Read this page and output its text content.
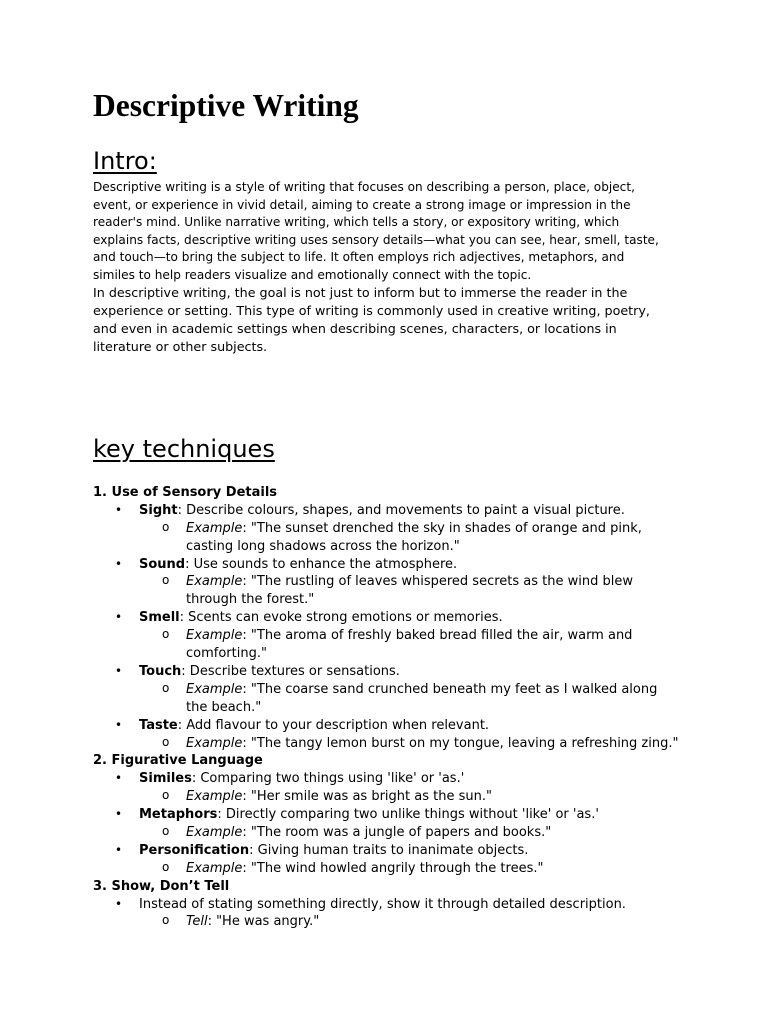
Descriptive Writing
Intro:

Descriptive writing is a style of writing that focuses on describing a person, place, object, event, or experience in vivid detail, aiming to create a strong image or impression in the reader's mind. Unlike narrative writing, which tells a story, or expository writing, which explains facts, descriptive writing uses sensory details—what you can see, hear, smell, taste, and touch—to bring the subject to life. It often employs rich adjectives, metaphors, and similes to help readers visualize and emotionally connect with the topic.

In descriptive writing, the goal is not just to inform but to immerse the reader in the experience or setting. This type of writing is commonly used in creative writing, poetry, and even in academic settings when describing scenes, characters, or locations in literature or other subjects.

key techniques
1. Use of Sensory Details
• Sight: Describe colours, shapes, and movements to paint a visual picture.
o Example: "The sunset drenched the sky in shades of orange and pink, casting long shadows across the horizon."
• Sound: Use sounds to enhance the atmosphere.
o Example: "The rustling of leaves whispered secrets as the wind blew through the forest."
• Smell: Scents can evoke strong emotions or memories.
o Example: "The aroma of freshly baked bread filled the air, warm and comforting."
• Touch: Describe textures or sensations.
o Example: "The coarse sand crunched beneath my feet as I walked along the beach."
• Taste: Add flavour to your description when relevant.
o Example: "The tangy lemon burst on my tongue, leaving a refreshing zing."
2. Figurative Language
• Similes: Comparing two things using 'like' or 'as.'
o Example: "Her smile was as bright as the sun."
• Metaphors: Directly comparing two unlike things without 'like' or 'as.'
o Example: "The room was a jungle of papers and books."
• Personification: Giving human traits to inanimate objects.
o Example: "The wind howled angrily through the trees."
3. Show, Don’t Tell
• Instead of stating something directly, show it through detailed description.
o Tell: "He was angry."
